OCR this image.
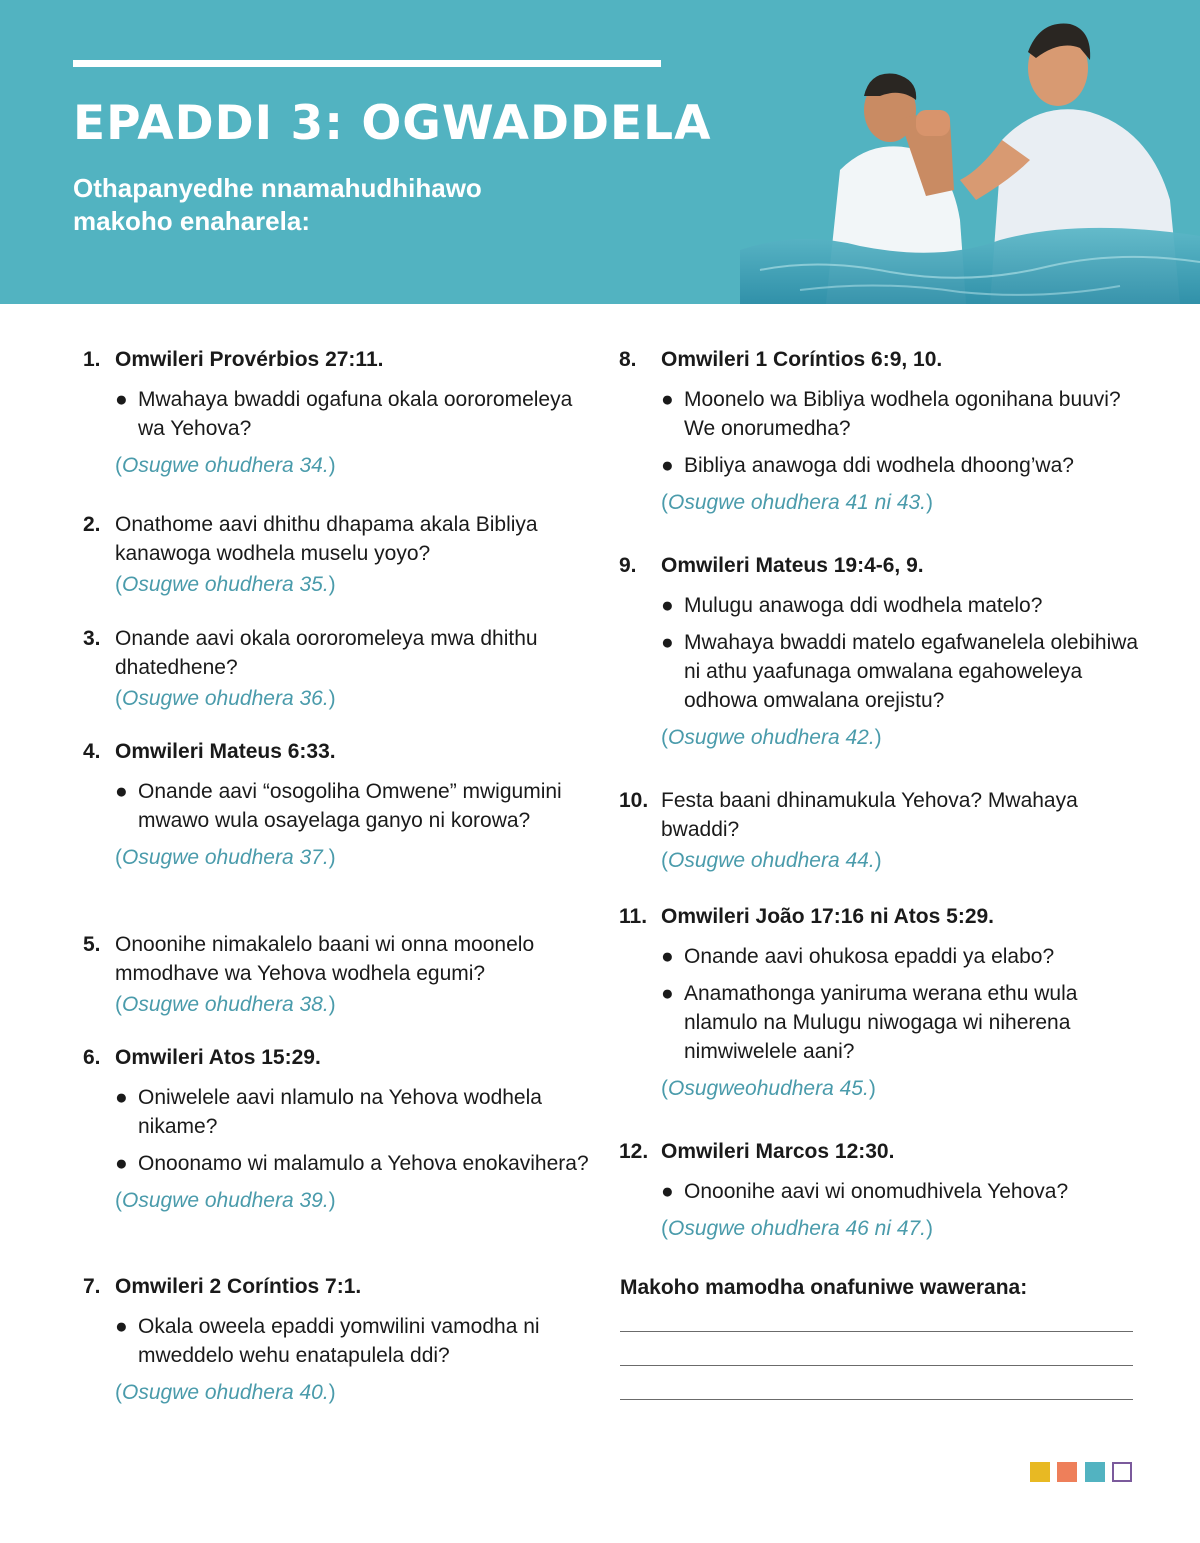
EPADDI 3: OGWADDELA

Othapanyedhe nnamahudhihawo makoho enaharela:

1. Omwileri Provérbios 27:11.
● Mwahaya bwaddi ogafuna okala oororomeleya wa Yehova?
(Osugwe ohudhera 34.)
2. Onathome aavi dhithu dhapama akala Bibliya kanawoga wodhela muselu yoyo?
(Osugwe ohudhera 35.)
3. Onande aavi okala oororomeleya mwa dhithu dhatedhene?
(Osugwe ohudhera 36.)
4. Omwileri Mateus 6:33.
● Onande aavi “osogoliha Omwene” mwigumini mwawo wula osayelaga ganyo ni korowa?
(Osugwe ohudhera 37.)
5. Onoonihe nimakalelo baani wi onna moonelo mmodhave wa Yehova wodhela egumi?
(Osugwe ohudhera 38.)
6. Omwileri Atos 15:29.
● Oniwelele aavi nlamulo na Yehova wodhela nikame?
● Onoonamo wi malamulo a Yehova enokavihera?
(Osugwe ohudhera 39.)
7. Omwileri 2 Coríntios 7:1.
● Okala oweela epaddi yomwilini vamodha ni mweddelo wehu enatapulela ddi?
(Osugwe ohudhera 40.)
8. Omwileri 1 Coríntios 6:9, 10.
● Moonelo wa Bibliya wodhela ogonihana buuvi? We onorumedha?
● Bibliya anawoga ddi wodhela dhoong’wa?
(Osugwe ohudhera 41 ni 43.)
9. Omwileri Mateus 19:4-6, 9.
● Mulugu anawoga ddi wodhela matelo?
● Mwahaya bwaddi matelo egafwanelela olebihiwa ni athu yaafunaga omwalana egahoweleya odhowa omwalana orejistu?
(Osugwe ohudhera 42.)
10. Festa baani dhinamukula Yehova? Mwahaya bwaddi?
(Osugwe ohudhera 44.)
11. Omwileri João 17:16 ni Atos 5:29.
● Onande aavi ohukosa epaddi ya elabo?
● Anamathonga yaniruma werana ethu wula nlamulo na Mulugu niwogaga wi niherena nimwiwelele aani?
(Osugweohudhera 45.)
12. Omwileri Marcos 12:30.
● Onoonihe aavi wi onomudhivela Yehova?
(Osugwe ohudhera 46 ni 47.)
Makoho mamodha onafuniwe wawerana:
